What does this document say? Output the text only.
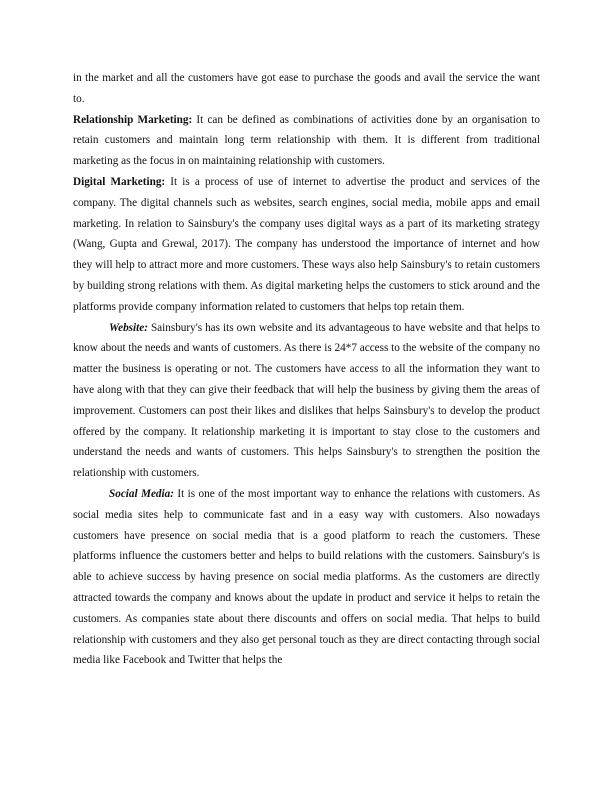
in the market and all the customers have got ease to purchase the goods and avail the service the want to.

Relationship Marketing: It can be defined as combinations of activities done by an organisation to retain customers and maintain long term relationship with them. It is different from traditional marketing as the focus in on maintaining relationship with customers.

Digital Marketing: It is a process of use of internet to advertise the product and services of the company. The digital channels such as websites, search engines, social media, mobile apps and email marketing. In relation to Sainsbury's the company uses digital ways as a part of its marketing strategy (Wang, Gupta and Grewal, 2017). The company has understood the importance of internet and how they will help to attract more and more customers. These ways also help Sainsbury's to retain customers by building strong relations with them. As digital marketing helps the customers to stick around and the platforms provide company information related to customers that helps top retain them.

Website: Sainsbury's has its own website and its advantageous to have website and that helps to know about the needs and wants of customers. As there is 24*7 access to the website of the company no matter the business is operating or not. The customers have access to all the information they want to have along with that they can give their feedback that will help the business by giving them the areas of improvement. Customers can post their likes and dislikes that helps Sainsbury's to develop the product offered by the company. It relationship marketing it is important to stay close to the customers and understand the needs and wants of customers. This helps Sainsbury's to strengthen the position the relationship with customers.

Social Media: It is one of the most important way to enhance the relations with customers. As social media sites help to communicate fast and in a easy way with customers. Also nowadays customers have presence on social media that is a good platform to reach the customers. These platforms influence the customers better and helps to build relations with the customers. Sainsbury's is able to achieve success by having presence on social media platforms. As the customers are directly attracted towards the company and knows about the update in product and service it helps to retain the customers. As companies state about there discounts and offers on social media. That helps to build relationship with customers and they also get personal touch as they are direct contacting through social media like Facebook and Twitter that helps the
